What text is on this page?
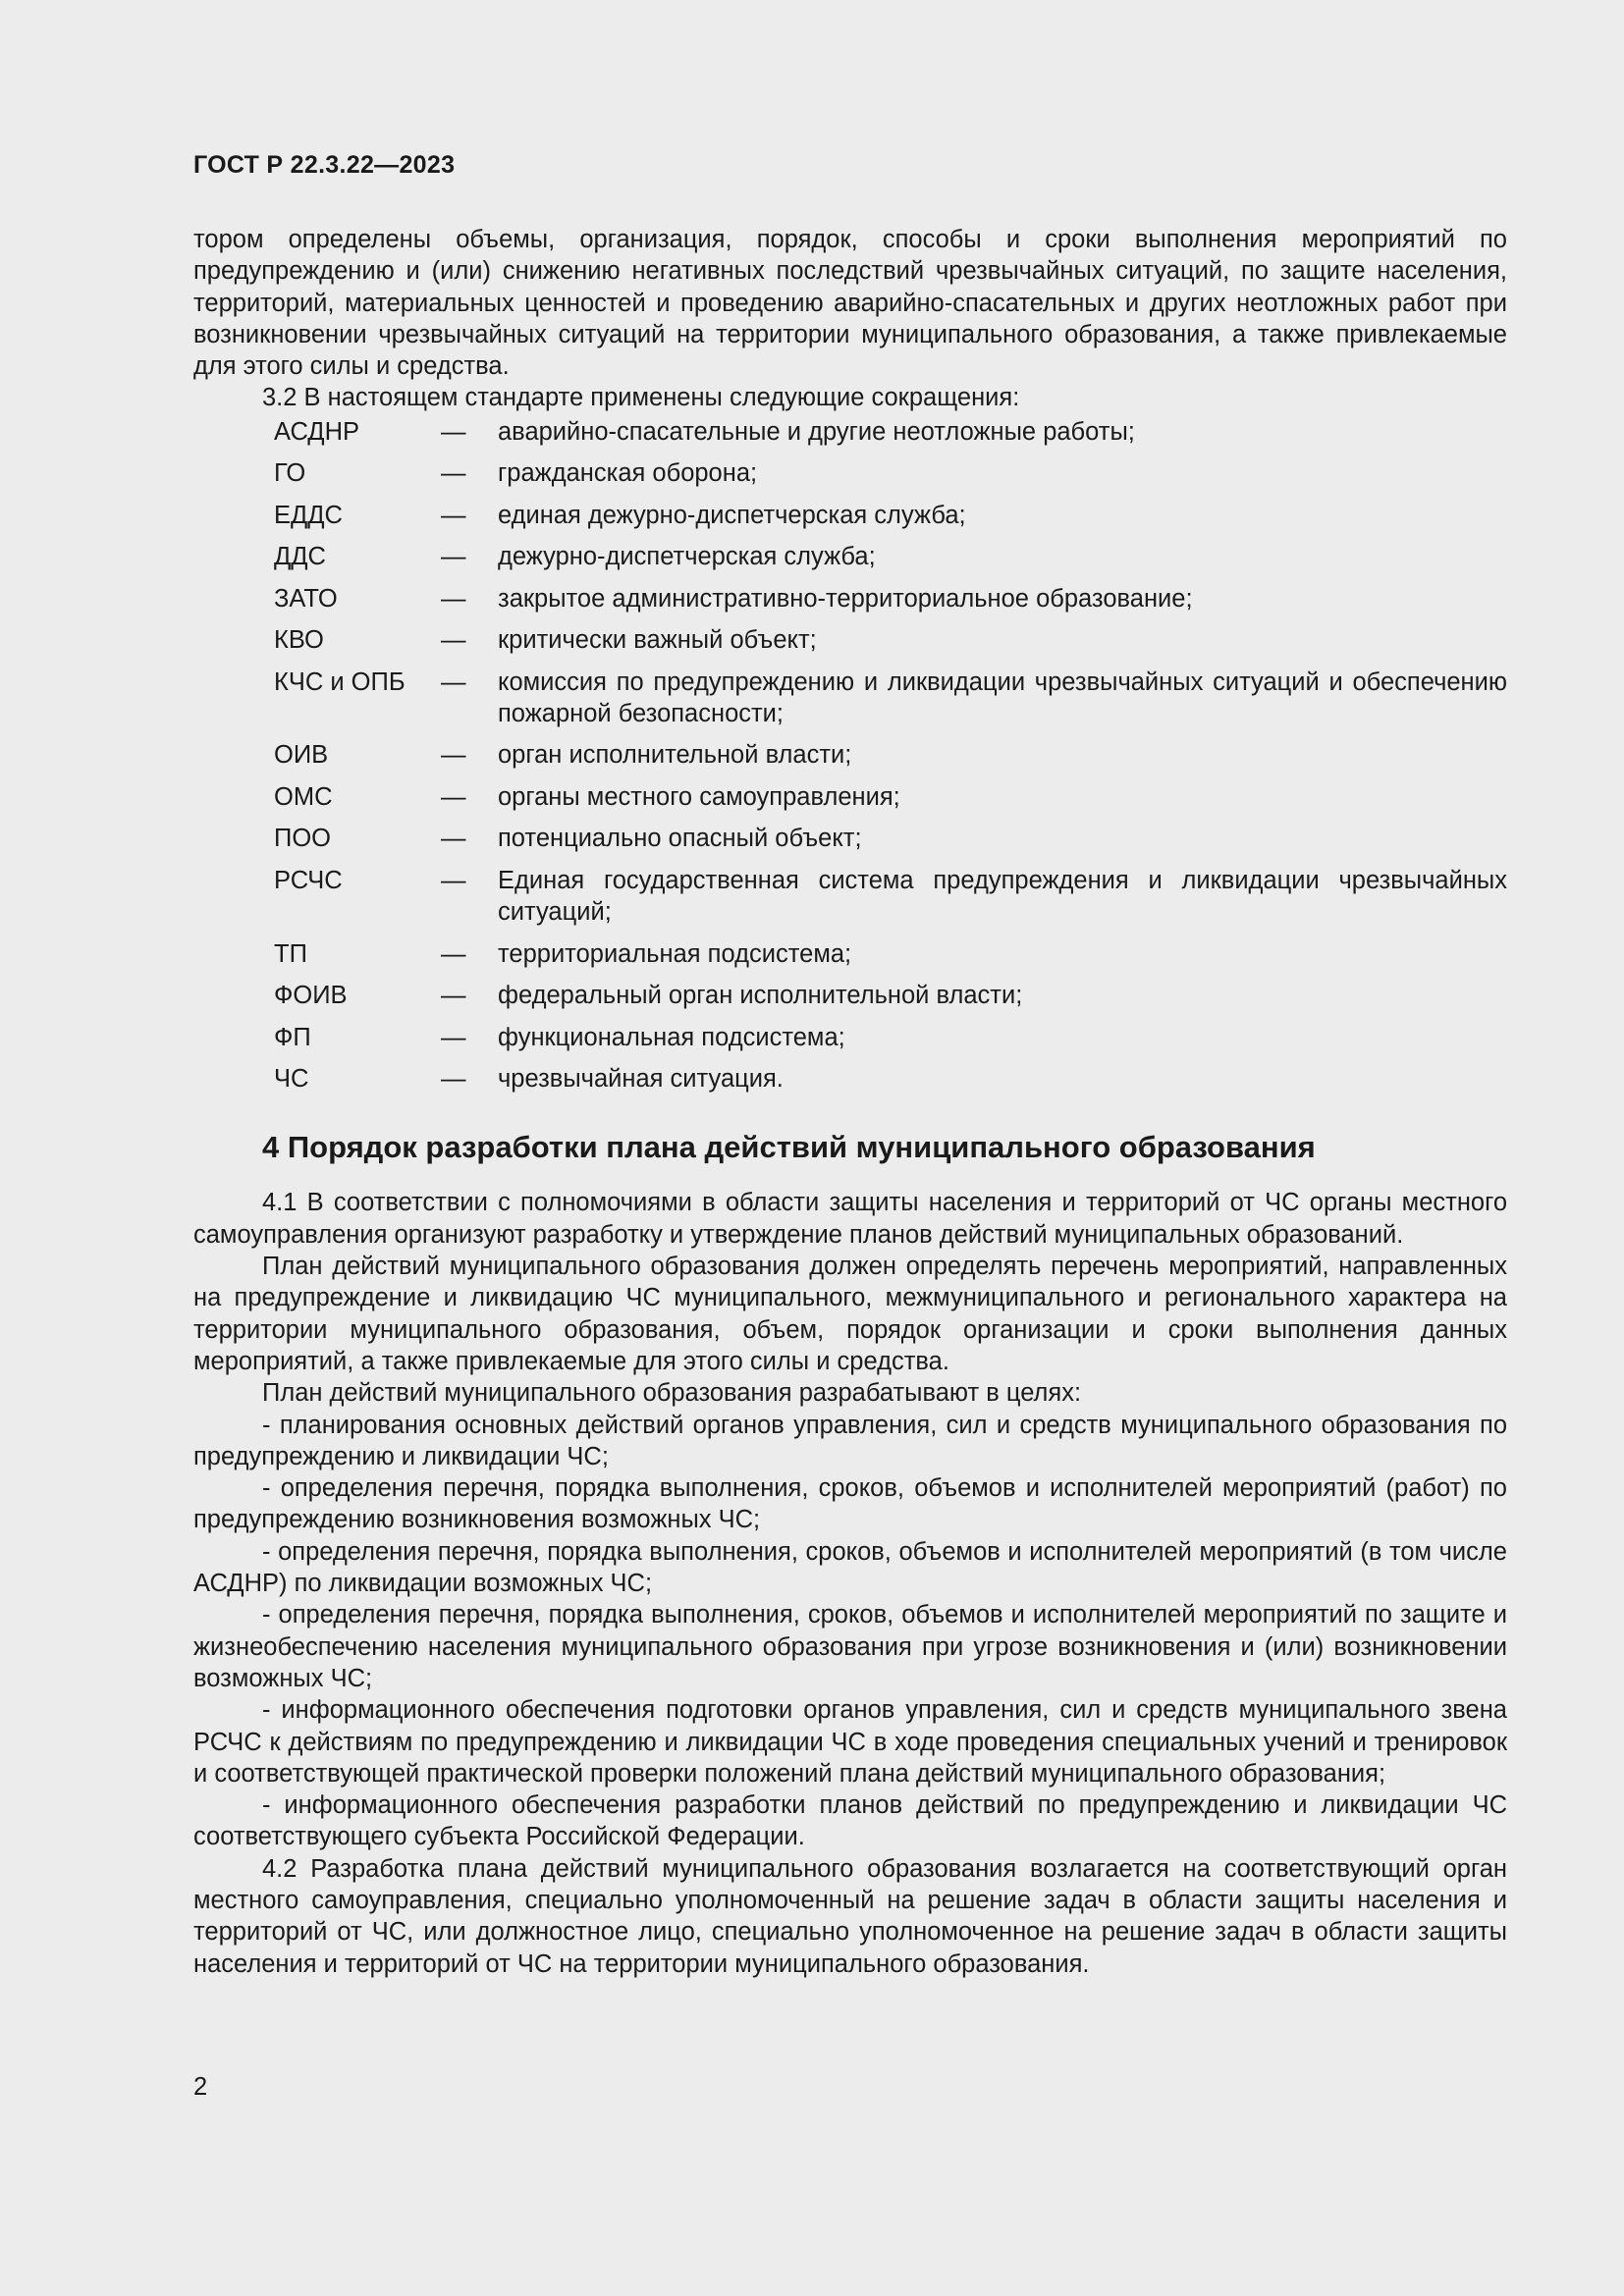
ГОСТ Р 22.3.22—2023

тором определены объемы, организация, порядок, способы и сроки выполнения мероприятий по предупреждению и (или) снижению негативных последствий чрезвычайных ситуаций, по защите населения, территорий, материальных ценностей и проведению аварийно-спасательных и других неотложных работ при возникновении чрезвычайных ситуаций на территории муниципального образования, а также привлекаемые для этого силы и средства.

3.2 В настоящем стандарте применены следующие сокращения:

АСДНР	—	аварийно-спасательные и другие неотложные работы;
ГО	—	гражданская оборона;
ЕДДС	—	единая дежурно-диспетчерская служба;
ДДС	—	дежурно-диспетчерская служба;
ЗАТО	—	закрытое административно-территориальное образование;
КВО	—	критически важный объект;
КЧС и ОПБ	—	комиссия по предупреждению и ликвидации чрезвычайных ситуаций и обеспечению пожарной безопасности;
ОИВ	—	орган исполнительной власти;
ОМС	—	органы местного самоуправления;
ПОО	—	потенциально опасный объект;
РСЧС	—	Единая государственная система предупреждения и ликвидации чрезвычайных ситуаций;
ТП	—	территориальная подсистема;
ФОИВ	—	федеральный орган исполнительной власти;
ФП	—	функциональная подсистема;
ЧС	—	чрезвычайная ситуация.
4 Порядок разработки плана действий муниципального образования

4.1 В соответствии с полномочиями в области защиты населения и территорий от ЧС органы местного самоуправления организуют разработку и утверждение планов действий муниципальных образований.

План действий муниципального образования должен определять перечень мероприятий, направленных на предупреждение и ликвидацию ЧС муниципального, межмуниципального и регионального характера на территории муниципального образования, объем, порядок организации и сроки выполнения данных мероприятий, а также привлекаемые для этого силы и средства.

План действий муниципального образования разрабатывают в целях:

- планирования основных действий органов управления, сил и средств муниципального образования по предупреждению и ликвидации ЧС;

- определения перечня, порядка выполнения, сроков, объемов и исполнителей мероприятий (работ) по предупреждению возникновения возможных ЧС;

- определения перечня, порядка выполнения, сроков, объемов и исполнителей мероприятий (в том числе АСДНР) по ликвидации возможных ЧС;

- определения перечня, порядка выполнения, сроков, объемов и исполнителей мероприятий по защите и жизнеобеспечению населения муниципального образования при угрозе возникновения и (или) возникновении возможных ЧС;

- информационного обеспечения подготовки органов управления, сил и средств муниципального звена РСЧС к действиям по предупреждению и ликвидации ЧС в ходе проведения специальных учений и тренировок и соответствующей практической проверки положений плана действий муниципального образования;

- информационного обеспечения разработки планов действий по предупреждению и ликвидации ЧС соответствующего субъекта Российской Федерации.

4.2 Разработка плана действий муниципального образования возлагается на соответствующий орган местного самоуправления, специально уполномоченный на решение задач в области защиты населения и территорий от ЧС, или должностное лицо, специально уполномоченное на решение задач в области защиты населения и территорий от ЧС на территории муниципального образования.

2
